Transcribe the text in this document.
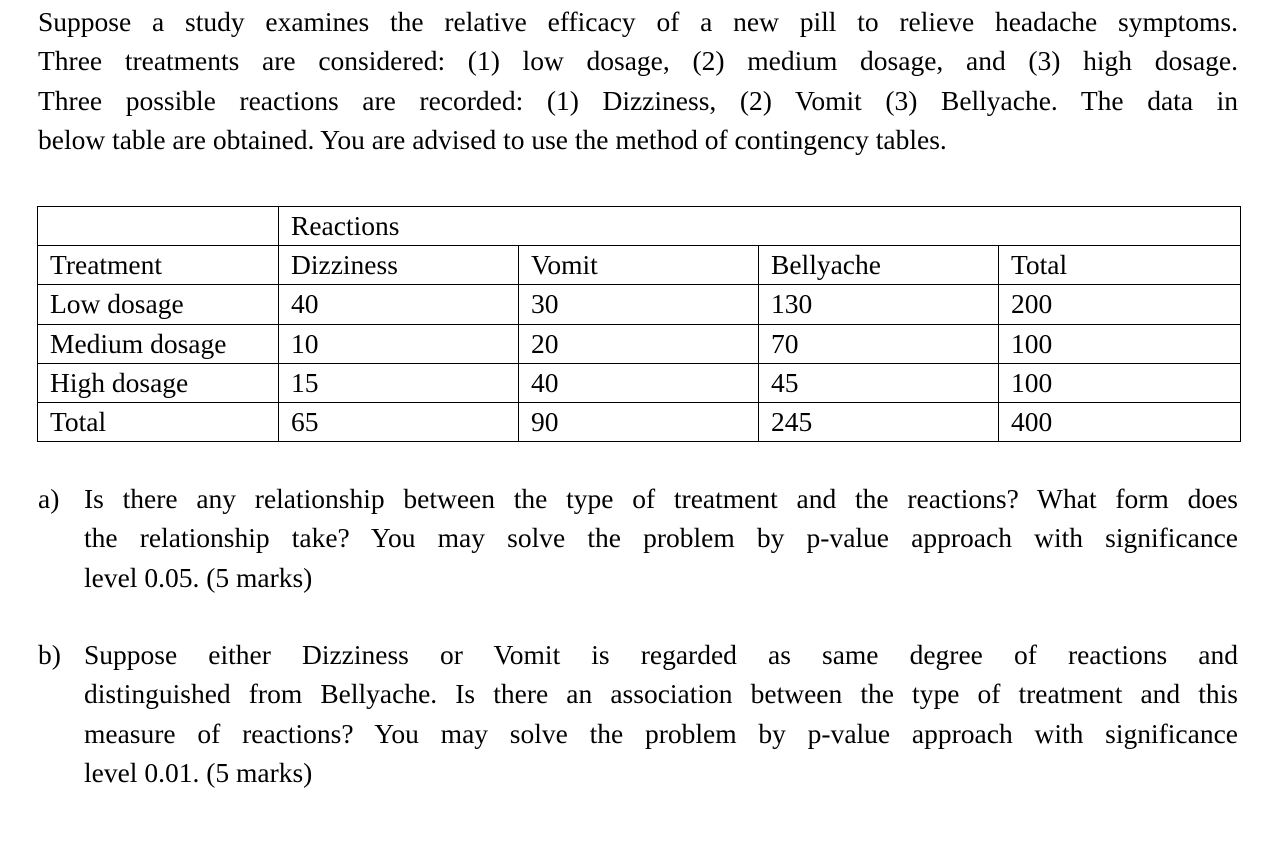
Suppose a study examines the relative efficacy of a new pill to relieve headache symptoms.
Three treatments are considered: (1) low dosage, (2) medium dosage, and (3) high dosage.
Three possible reactions are recorded: (1) Dizziness, (2) Vomit (3) Bellyache. The data in
below table are obtained. You are advised to use the method of contingency tables.
	Reactions			
Treatment	Dizziness	Vomit	Bellyache	Total
Low dosage	40	30	130	200
Medium dosage	10	20	70	100
High dosage	15	40	45	100
Total	65	90	245	400
a) Is there any relationship between the type of treatment and the reactions? What form does
the relationship take? You may solve the problem by p-value approach with significance
level 0.05. (5 marks)
b) Suppose either Dizziness or Vomit is regarded as same degree of reactions and
distinguished from Bellyache. Is there an association between the type of treatment and this
measure of reactions? You may solve the problem by p-value approach with significance
level 0.01. (5 marks)
